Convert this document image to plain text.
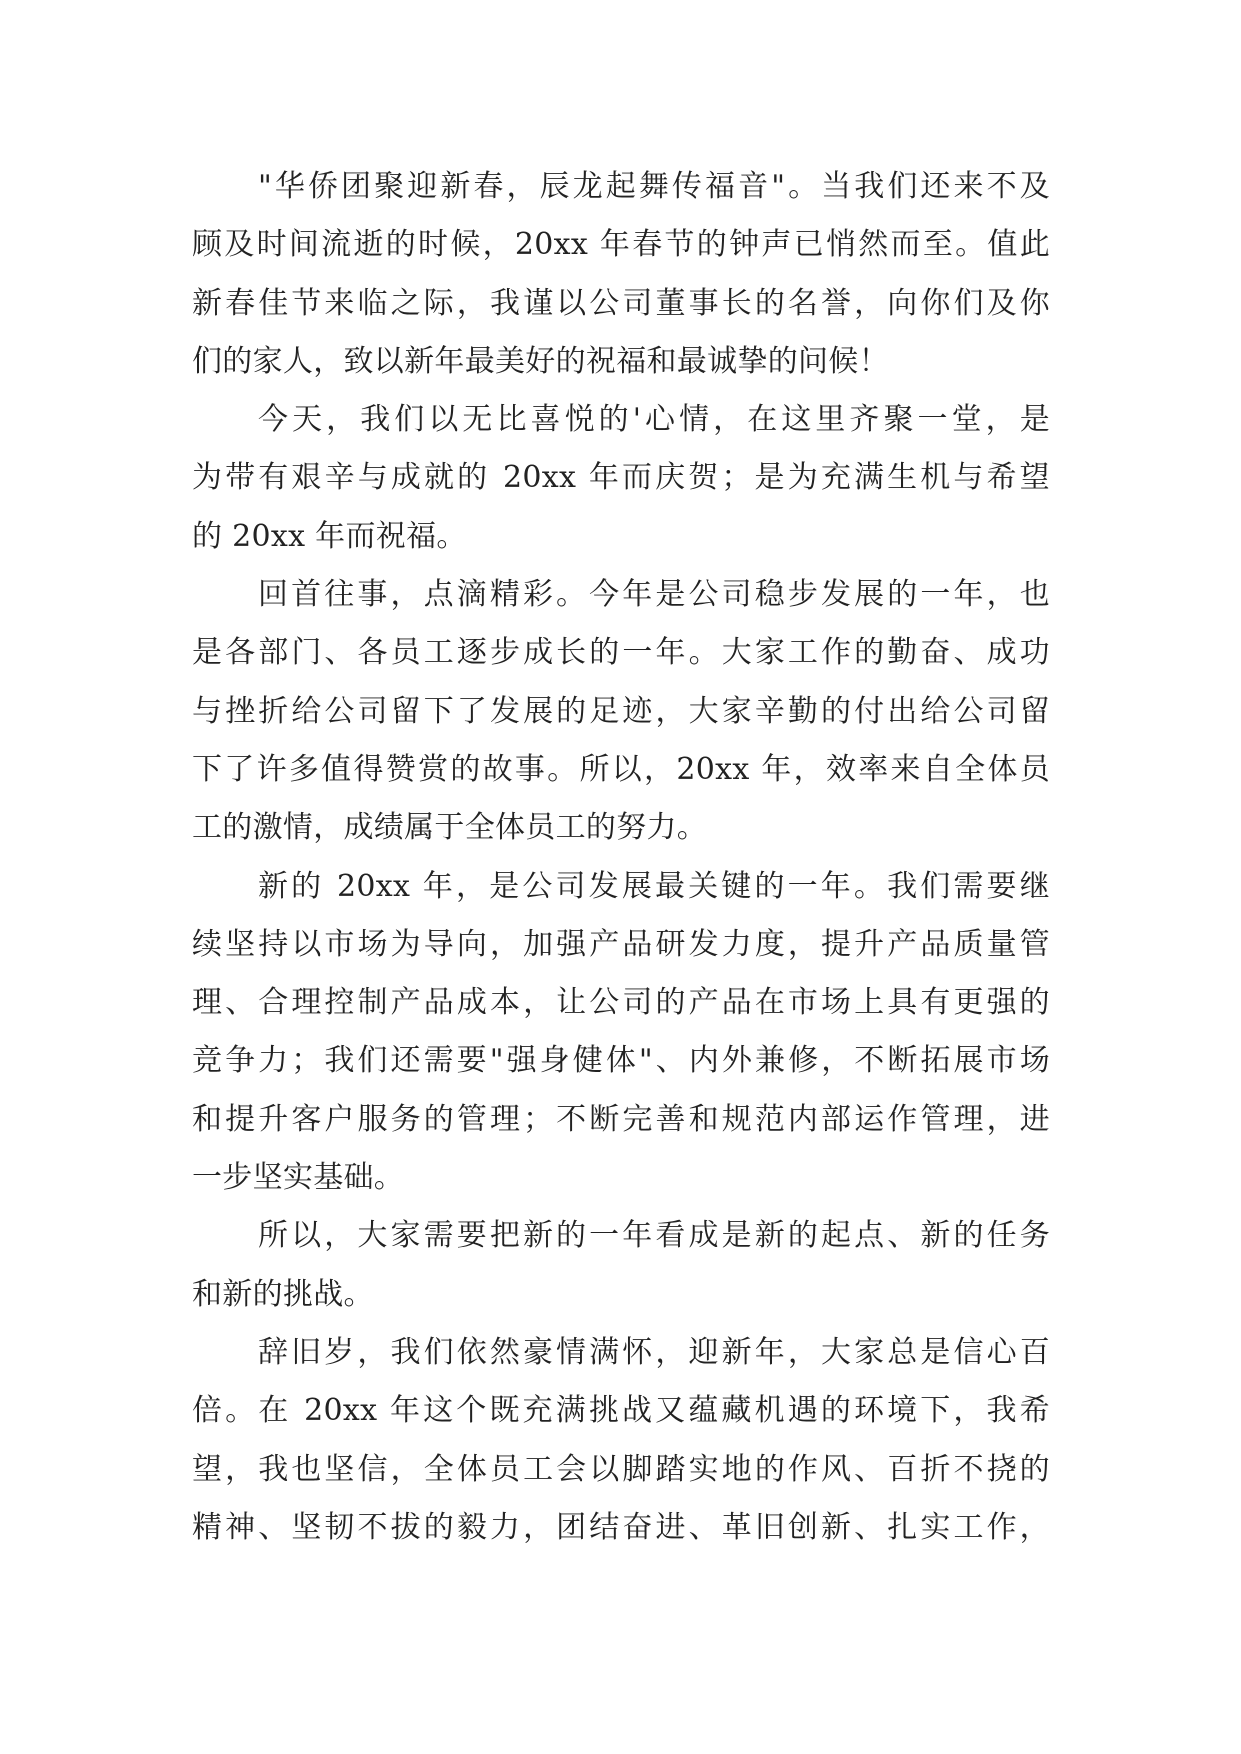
"华侨团聚迎新春，辰龙起舞传福音"。当我们还来不及
顾及时间流逝的时候，20xx 年春节的钟声已悄然而至。值此
新春佳节来临之际，我谨以公司董事长的名誉，向你们及你
们的家人，致以新年最美好的祝福和最诚挚的问候！
今天，我们以无比喜悦的'心情，在这里齐聚一堂，是
为带有艰辛与成就的 20xx 年而庆贺；是为充满生机与希望
的 20xx 年而祝福。
回首往事，点滴精彩。今年是公司稳步发展的一年，也
是各部门、各员工逐步成长的一年。大家工作的勤奋、成功
与挫折给公司留下了发展的足迹，大家辛勤的付出给公司留
下了许多值得赞赏的故事。所以，20xx 年，效率来自全体员
工的激情，成绩属于全体员工的努力。
新的 20xx 年，是公司发展最关键的一年。我们需要继
续坚持以市场为导向，加强产品研发力度，提升产品质量管
理、合理控制产品成本，让公司的产品在市场上具有更强的
竞争力；我们还需要"强身健体"、内外兼修，不断拓展市场
和提升客户服务的管理；不断完善和规范内部运作管理，进
一步坚实基础。
所以，大家需要把新的一年看成是新的起点、新的任务
和新的挑战。
辞旧岁，我们依然豪情满怀，迎新年，大家总是信心百
倍。在 20xx 年这个既充满挑战又蕴藏机遇的环境下，我希
望，我也坚信，全体员工会以脚踏实地的作风、百折不挠的
精神、坚韧不拔的毅力，团结奋进、革旧创新、扎实工作，
